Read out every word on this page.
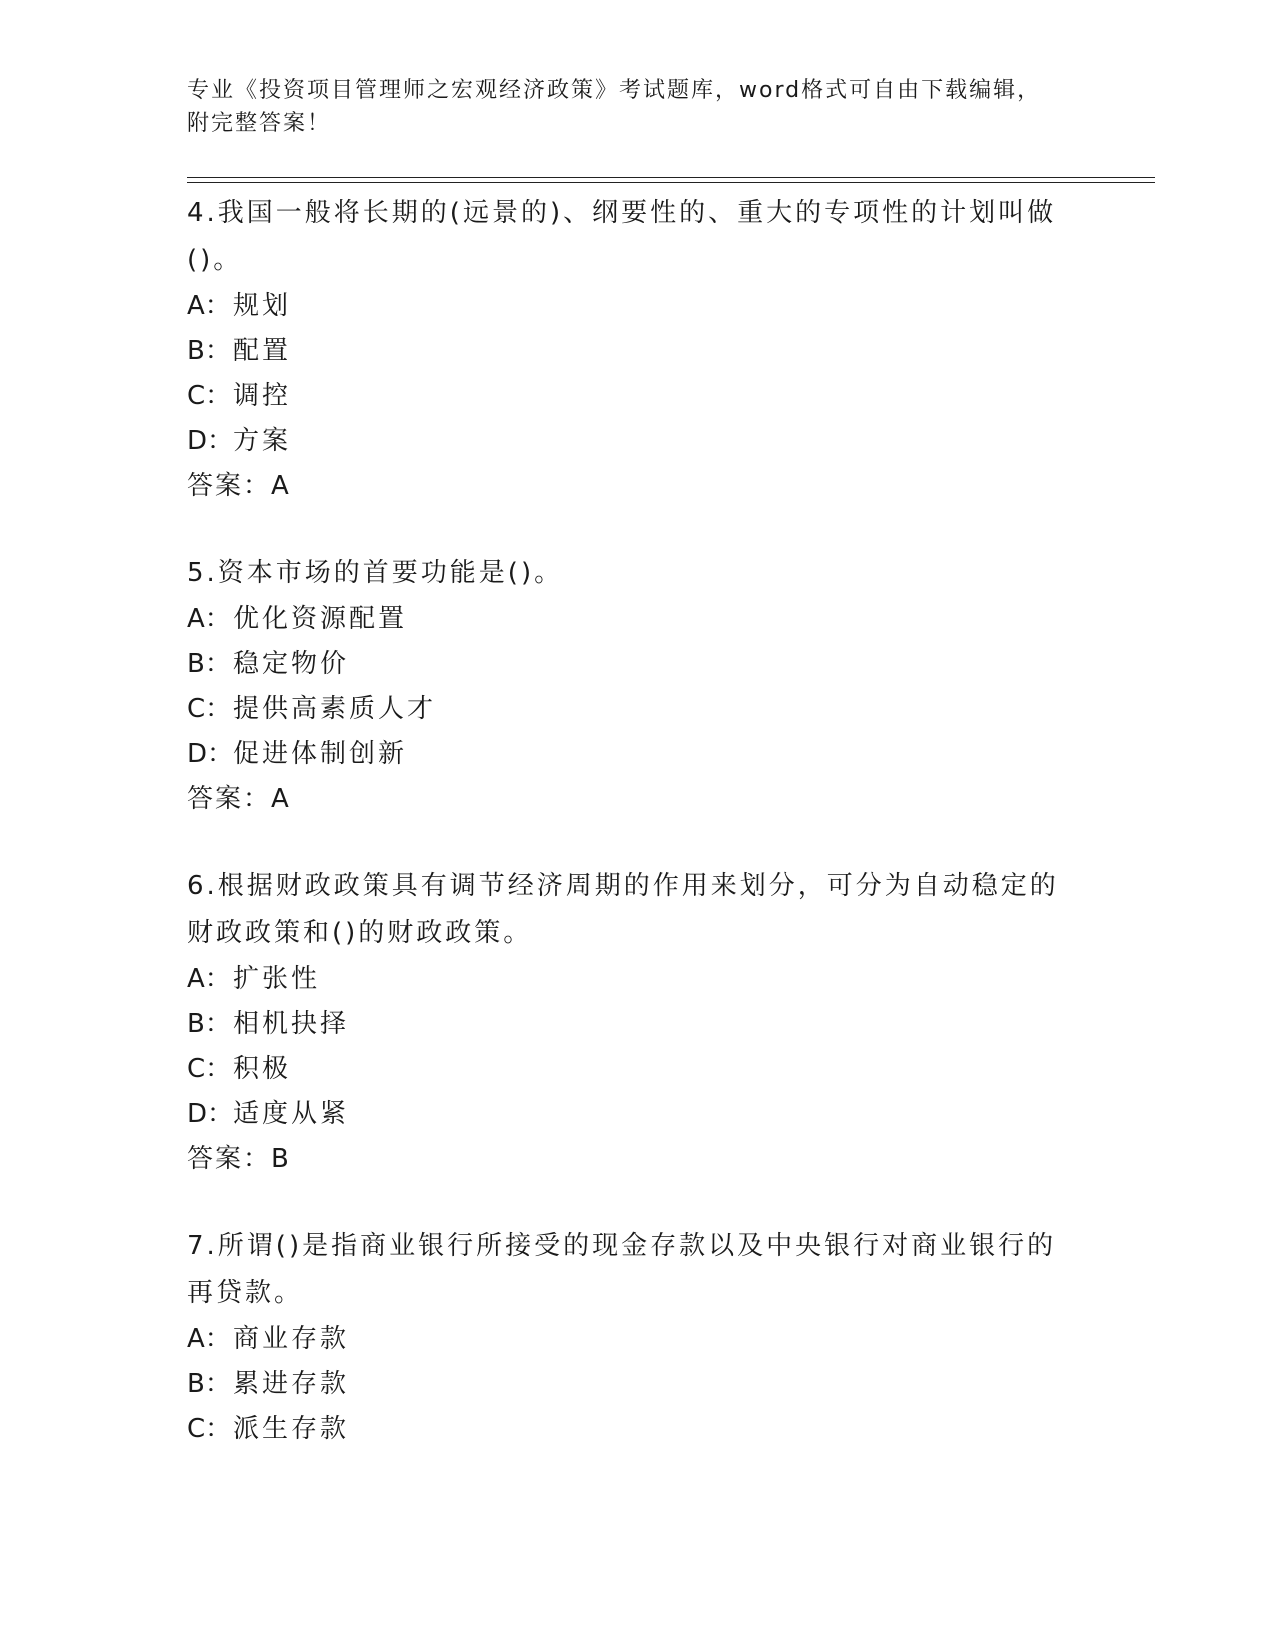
专业《投资项目管理师之宏观经济政策》考试题库，word格式可自由下载编辑，
附完整答案！
4.我国一般将长期的(远景的)、纲要性的、重大的专项性的计划叫做
()。
A：规划
B：配置
C：调控
D：方案
答案：A
5.资本市场的首要功能是()。
A：优化资源配置
B：稳定物价
C：提供高素质人才
D：促进体制创新
答案：A
6.根据财政政策具有调节经济周期的作用来划分，可分为自动稳定的
财政政策和()的财政政策。
A：扩张性
B：相机抉择
C：积极
D：适度从紧
答案：B
7.所谓()是指商业银行所接受的现金存款以及中央银行对商业银行的
再贷款。
A：商业存款
B：累进存款
C：派生存款
